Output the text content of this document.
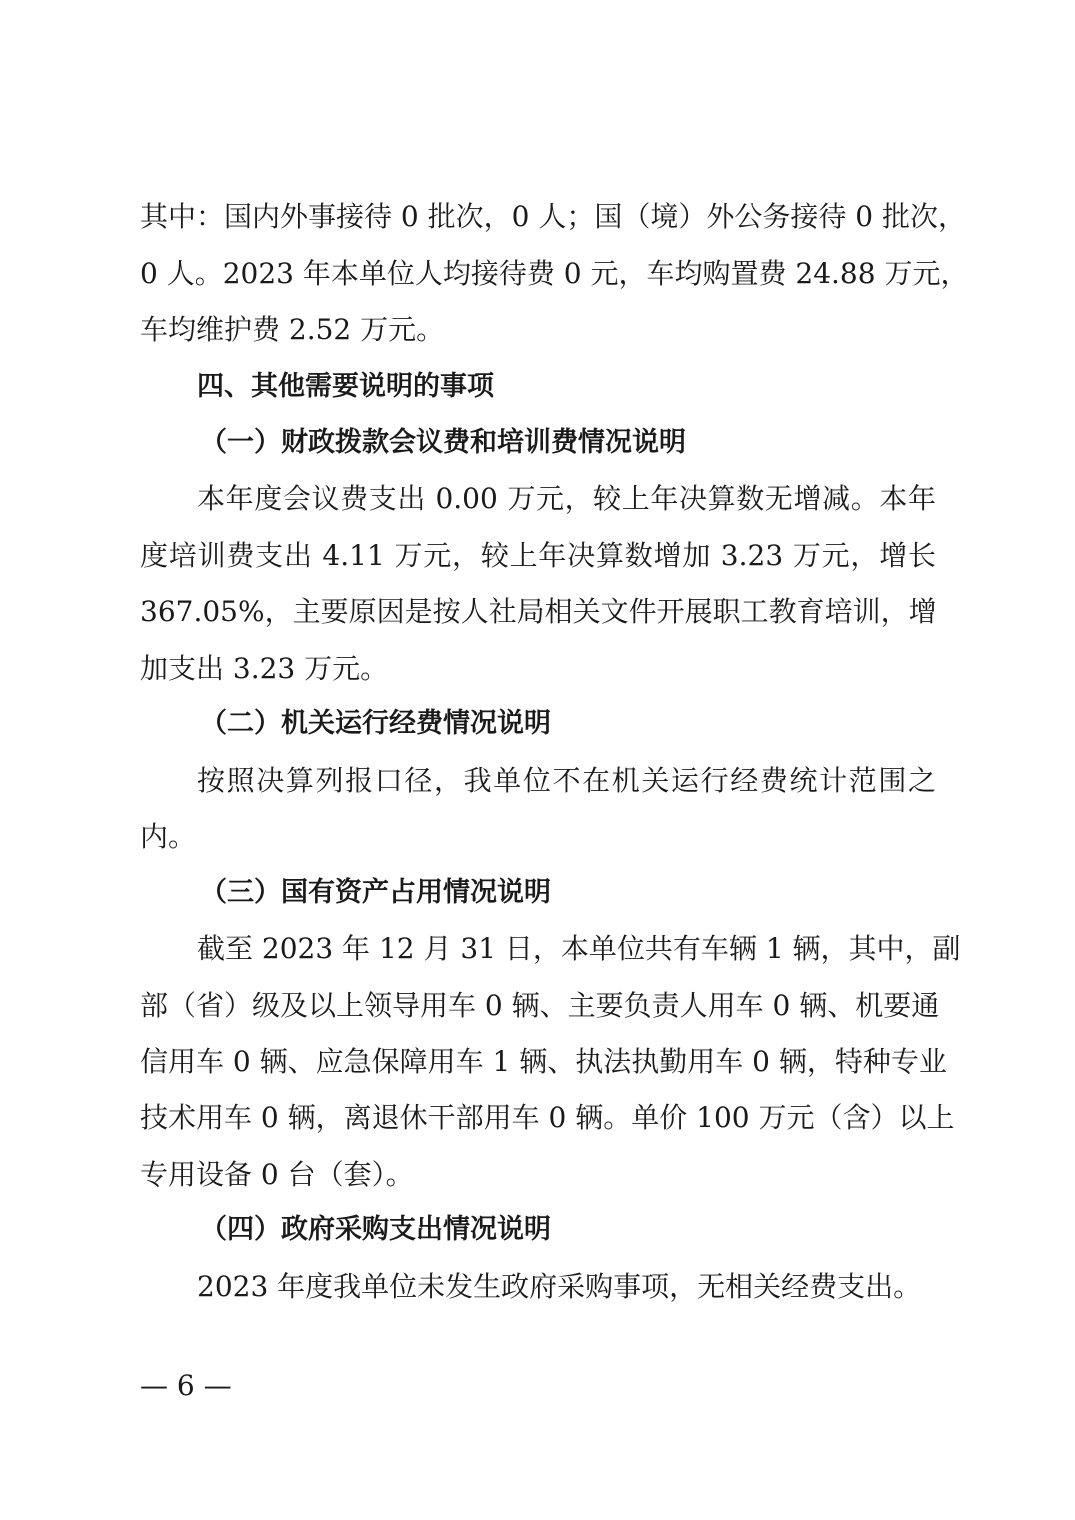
其中：国内外事接待 0 批次，0 人；国（境）外公务接待 0 批次，
0 人。2023 年本单位人均接待费 0 元，车均购置费 24.88 万元，
车均维护费 2.52 万元。
四、其他需要说明的事项
（一）财政拨款会议费和培训费情况说明
本年度会议费支出 0.00 万元，较上年决算数无增减。本年
度培训费支出 4.11 万元，较上年决算数增加 3.23 万元，增长
367.05%，主要原因是按人社局相关文件开展职工教育培训，增
加支出 3.23 万元。
（二）机关运行经费情况说明
按照决算列报口径，我单位不在机关运行经费统计范围之
内。
（三）国有资产占用情况说明
截至 2023 年 12 月 31 日，本单位共有车辆 1 辆，其中，副
部（省）级及以上领导用车 0 辆、主要负责人用车 0 辆、机要通
信用车 0 辆、应急保障用车 1 辆、执法执勤用车 0 辆，特种专业
技术用车 0 辆，离退休干部用车 0 辆。单价 100 万元（含）以上
专用设备 0 台（套）。
（四）政府采购支出情况说明
2023 年度我单位未发生政府采购事项，无相关经费支出。
— 6 —
